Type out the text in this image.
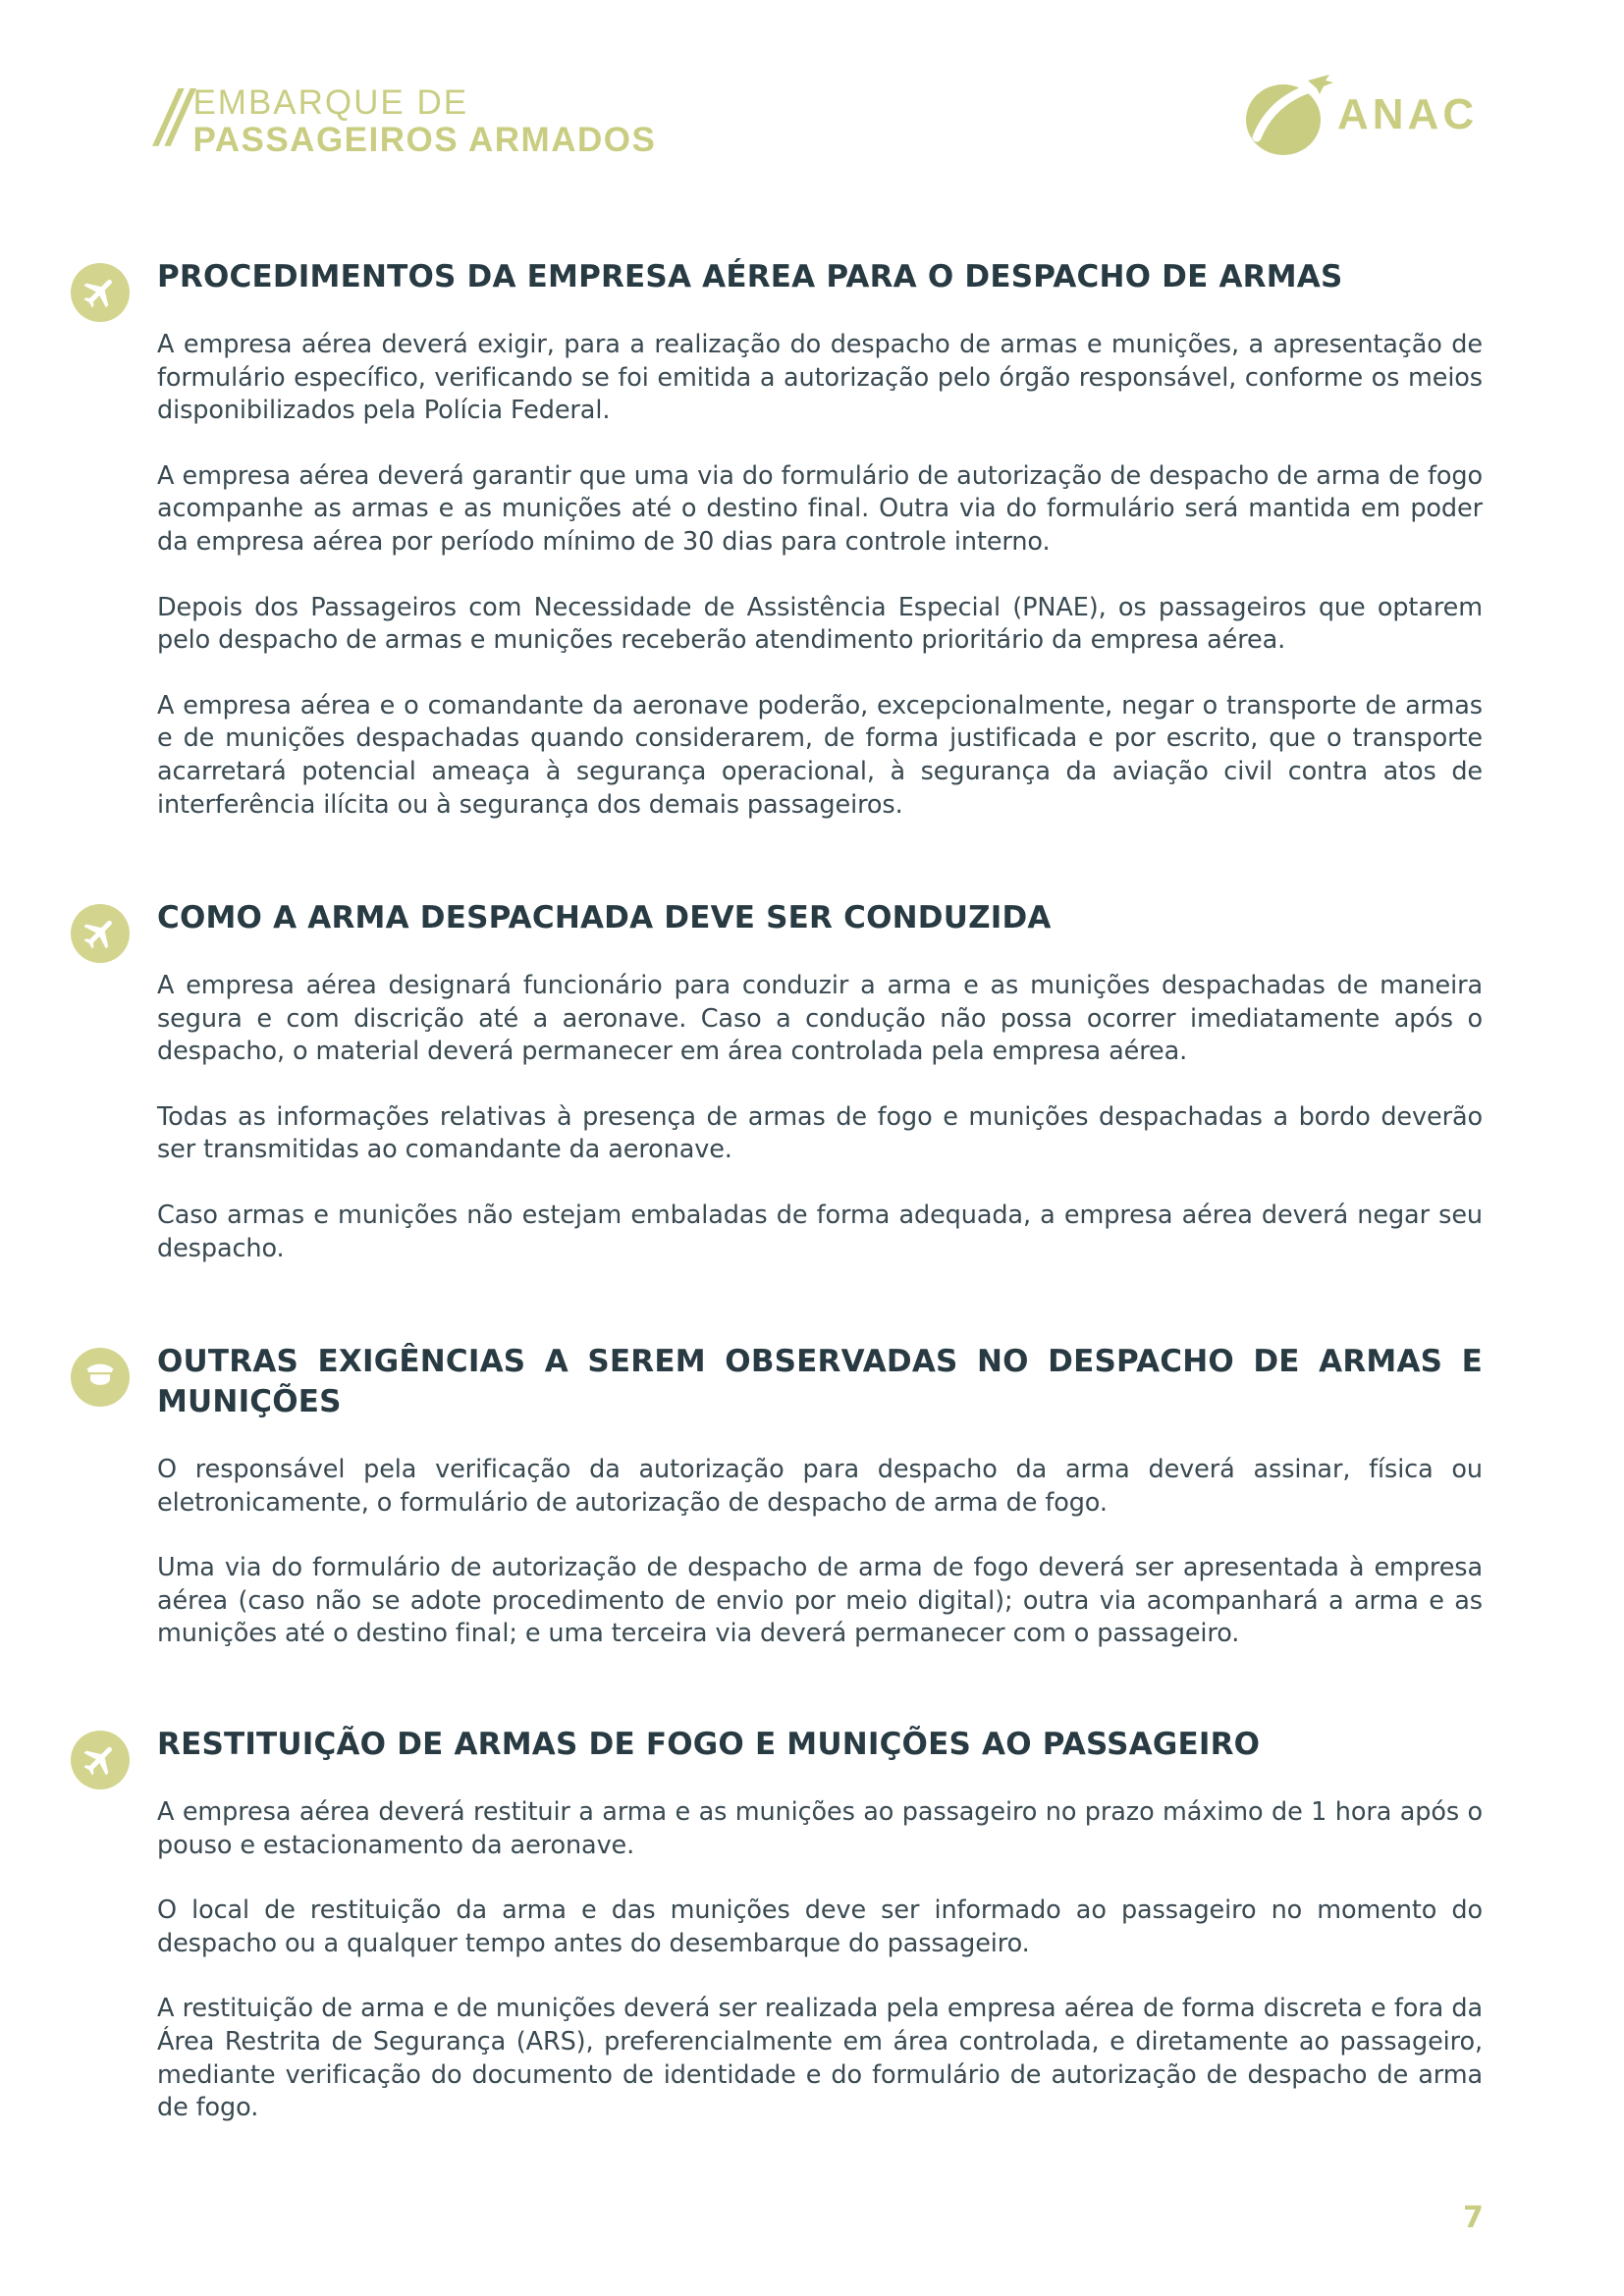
// EMBARQUE DE
PASSAGEIROS ARMADOS
ANAC
PROCEDIMENTOS DA EMPRESA AÉREA PARA O DESPACHO DE ARMAS

A empresa aérea deverá exigir, para a realização do despacho de armas e munições, a apresentação de formulário específico, verificando se foi emitida a autorização pelo órgão responsável, conforme os meios disponibilizados pela Polícia Federal.

A empresa aérea deverá garantir que uma via do formulário de autorização de despacho de arma de fogo acompanhe as armas e as munições até o destino final. Outra via do formulário será mantida em poder da empresa aérea por período mínimo de 30 dias para controle interno.

Depois dos Passageiros com Necessidade de Assistência Especial (PNAE), os passageiros que optarem pelo despacho de armas e munições receberão atendimento prioritário da empresa aérea.

A empresa aérea e o comandante da aeronave poderão, excepcionalmente, negar o transporte de armas e de munições despachadas quando considerarem, de forma justificada e por escrito, que o transporte acarretará potencial ameaça à segurança operacional, à segurança da aviação civil contra atos de interferência ilícita ou à segurança dos demais passageiros.

COMO A ARMA DESPACHADA DEVE SER CONDUZIDA

A empresa aérea designará funcionário para conduzir a arma e as munições despachadas de maneira segura e com discrição até a aeronave. Caso a condução não possa ocorrer imediatamente após o despacho, o material deverá permanecer em área controlada pela empresa aérea.

Todas as informações relativas à presença de armas de fogo e munições despachadas a bordo deverão ser transmitidas ao comandante da aeronave.

Caso armas e munições não estejam embaladas de forma adequada, a empresa aérea deverá negar seu despacho.

OUTRAS EXIGÊNCIAS A SEREM OBSERVADAS NO DESPACHO DE ARMAS E MUNIÇÕES

O responsável pela verificação da autorização para despacho da arma deverá assinar, física ou eletronicamente, o formulário de autorização de despacho de arma de fogo.

Uma via do formulário de autorização de despacho de arma de fogo deverá ser apresentada à empresa aérea (caso não se adote procedimento de envio por meio digital); outra via acompanhará a arma e as munições até o destino final; e uma terceira via deverá permanecer com o passageiro.

RESTITUIÇÃO DE ARMAS DE FOGO E MUNIÇÕES AO PASSAGEIRO

A empresa aérea deverá restituir a arma e as munições ao passageiro no prazo máximo de 1 hora após o pouso e estacionamento da aeronave.

O local de restituição da arma e das munições deve ser informado ao passageiro no momento do despacho ou a qualquer tempo antes do desembarque do passageiro.

A restituição de arma e de munições deverá ser realizada pela empresa aérea de forma discreta e fora da Área Restrita de Segurança (ARS), preferencialmente em área controlada, e diretamente ao passageiro, mediante verificação do documento de identidade e do formulário de autorização de despacho de arma de fogo.

7
